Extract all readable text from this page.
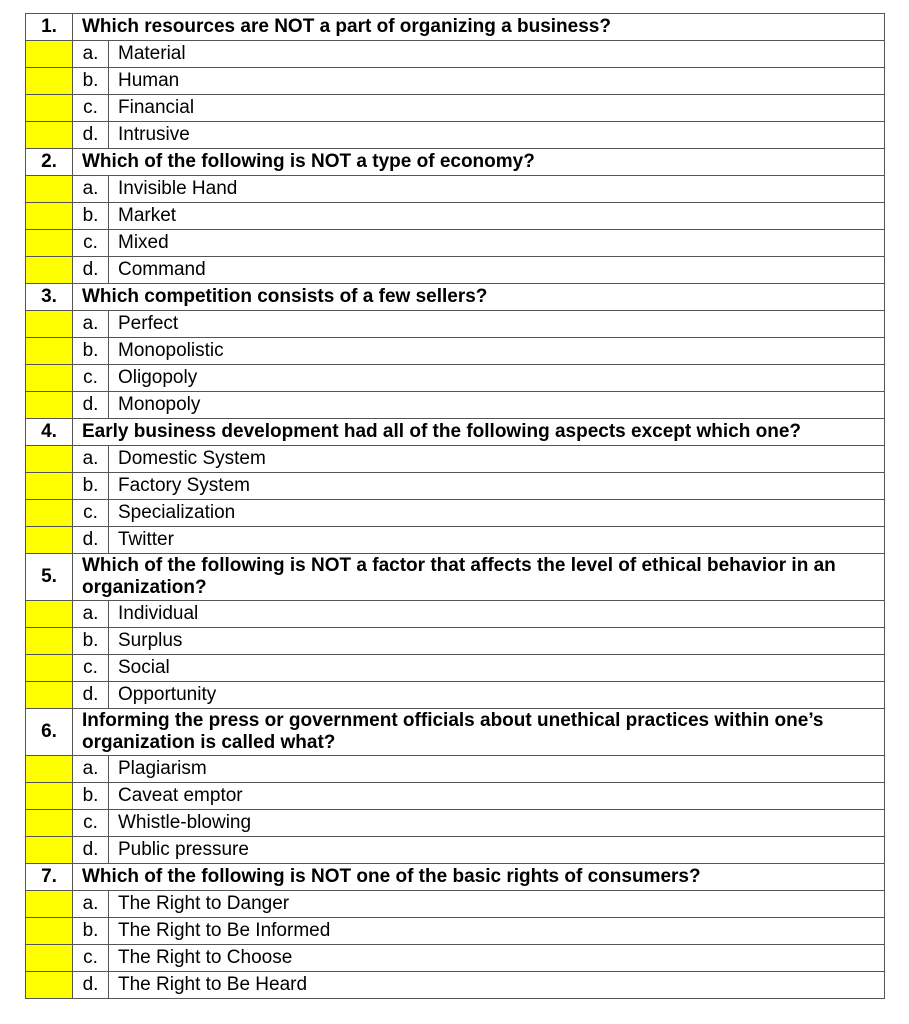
1.	Which resources are NOT a part of organizing a business?	
	a.	Material
	b.	Human
	c.	Financial
	d.	Intrusive
2.	Which of the following is NOT a type of economy?	
	a.	Invisible Hand
	b.	Market
	c.	Mixed
	d.	Command
3.	Which competition consists of a few sellers?	
	a.	Perfect
	b.	Monopolistic
	c.	Oligopoly
	d.	Monopoly
4.	Early business development had all of the following aspects except which one?	
	a.	Domestic System
	b.	Factory System
	c.	Specialization
	d.	Twitter
5.	Which of the following is NOT a factor that affects the level of ethical behavior in an organization?	
	a.	Individual
	b.	Surplus
	c.	Social
	d.	Opportunity
6.	Informing the press or government officials about unethical practices within one’s organization is called what?	
	a.	Plagiarism
	b.	Caveat emptor
	c.	Whistle-blowing
	d.	Public pressure
7.	Which of the following is NOT one of the basic rights of consumers?	
	a.	The Right to Danger
	b.	The Right to Be Informed
	c.	The Right to Choose
	d.	The Right to Be Heard
